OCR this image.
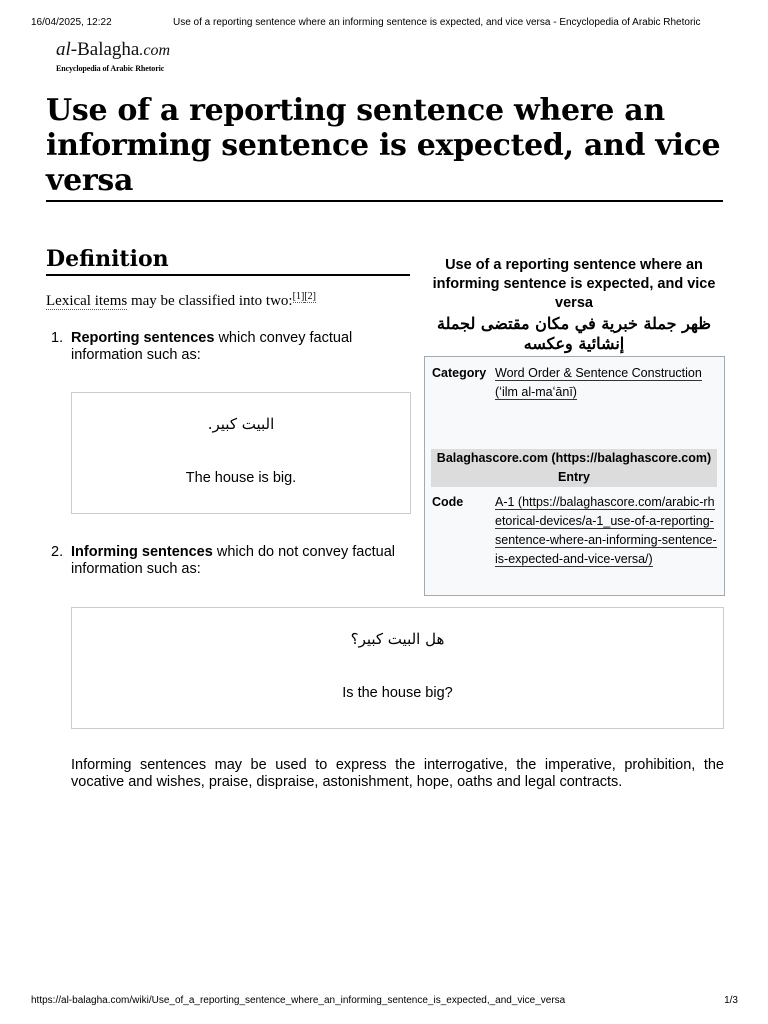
16/04/2025, 12:22	Use of a reporting sentence where an informing sentence is expected, and vice versa - Encyclopedia of Arabic Rhetoric
al-Balagha.com
Encyclopedia of Arabic Rhetoric
Use of a reporting sentence where an informing sentence is expected, and vice versa
Definition
Lexical items may be classified into two:[1][2]
1. Reporting sentences which convey factual information such as:
البيت كبير.
The house is big.
2. Informing sentences which do not convey factual information such as:
هل البيت كبير؟
Is the house big?
Informing sentences may be used to express the interrogative, the imperative, prohibition, the vocative and wishes, praise, dispraise, astonishment, hope, oaths and legal contracts.
Use of a reporting sentence where an informing sentence is expected, and vice versa
ظهر جملة خبرية في مكان مقتضى لجملة إنشائية وعكسه
Category Word Order & Sentence Construction
(ʻilm al-maʻānī)
Balaghascore.com (https://balaghascore.com) Entry
Code	A-1 (https://balaghascore.com/arabic-rhetorical-devices/a-1_use-of-a-reporting-sentence-where-an-informing-sentence-is-expected-and-vice-versa/)
https://al-balagha.com/wiki/Use_of_a_reporting_sentence_where_an_informing_sentence_is_expected,_and_vice_versa	1/3
